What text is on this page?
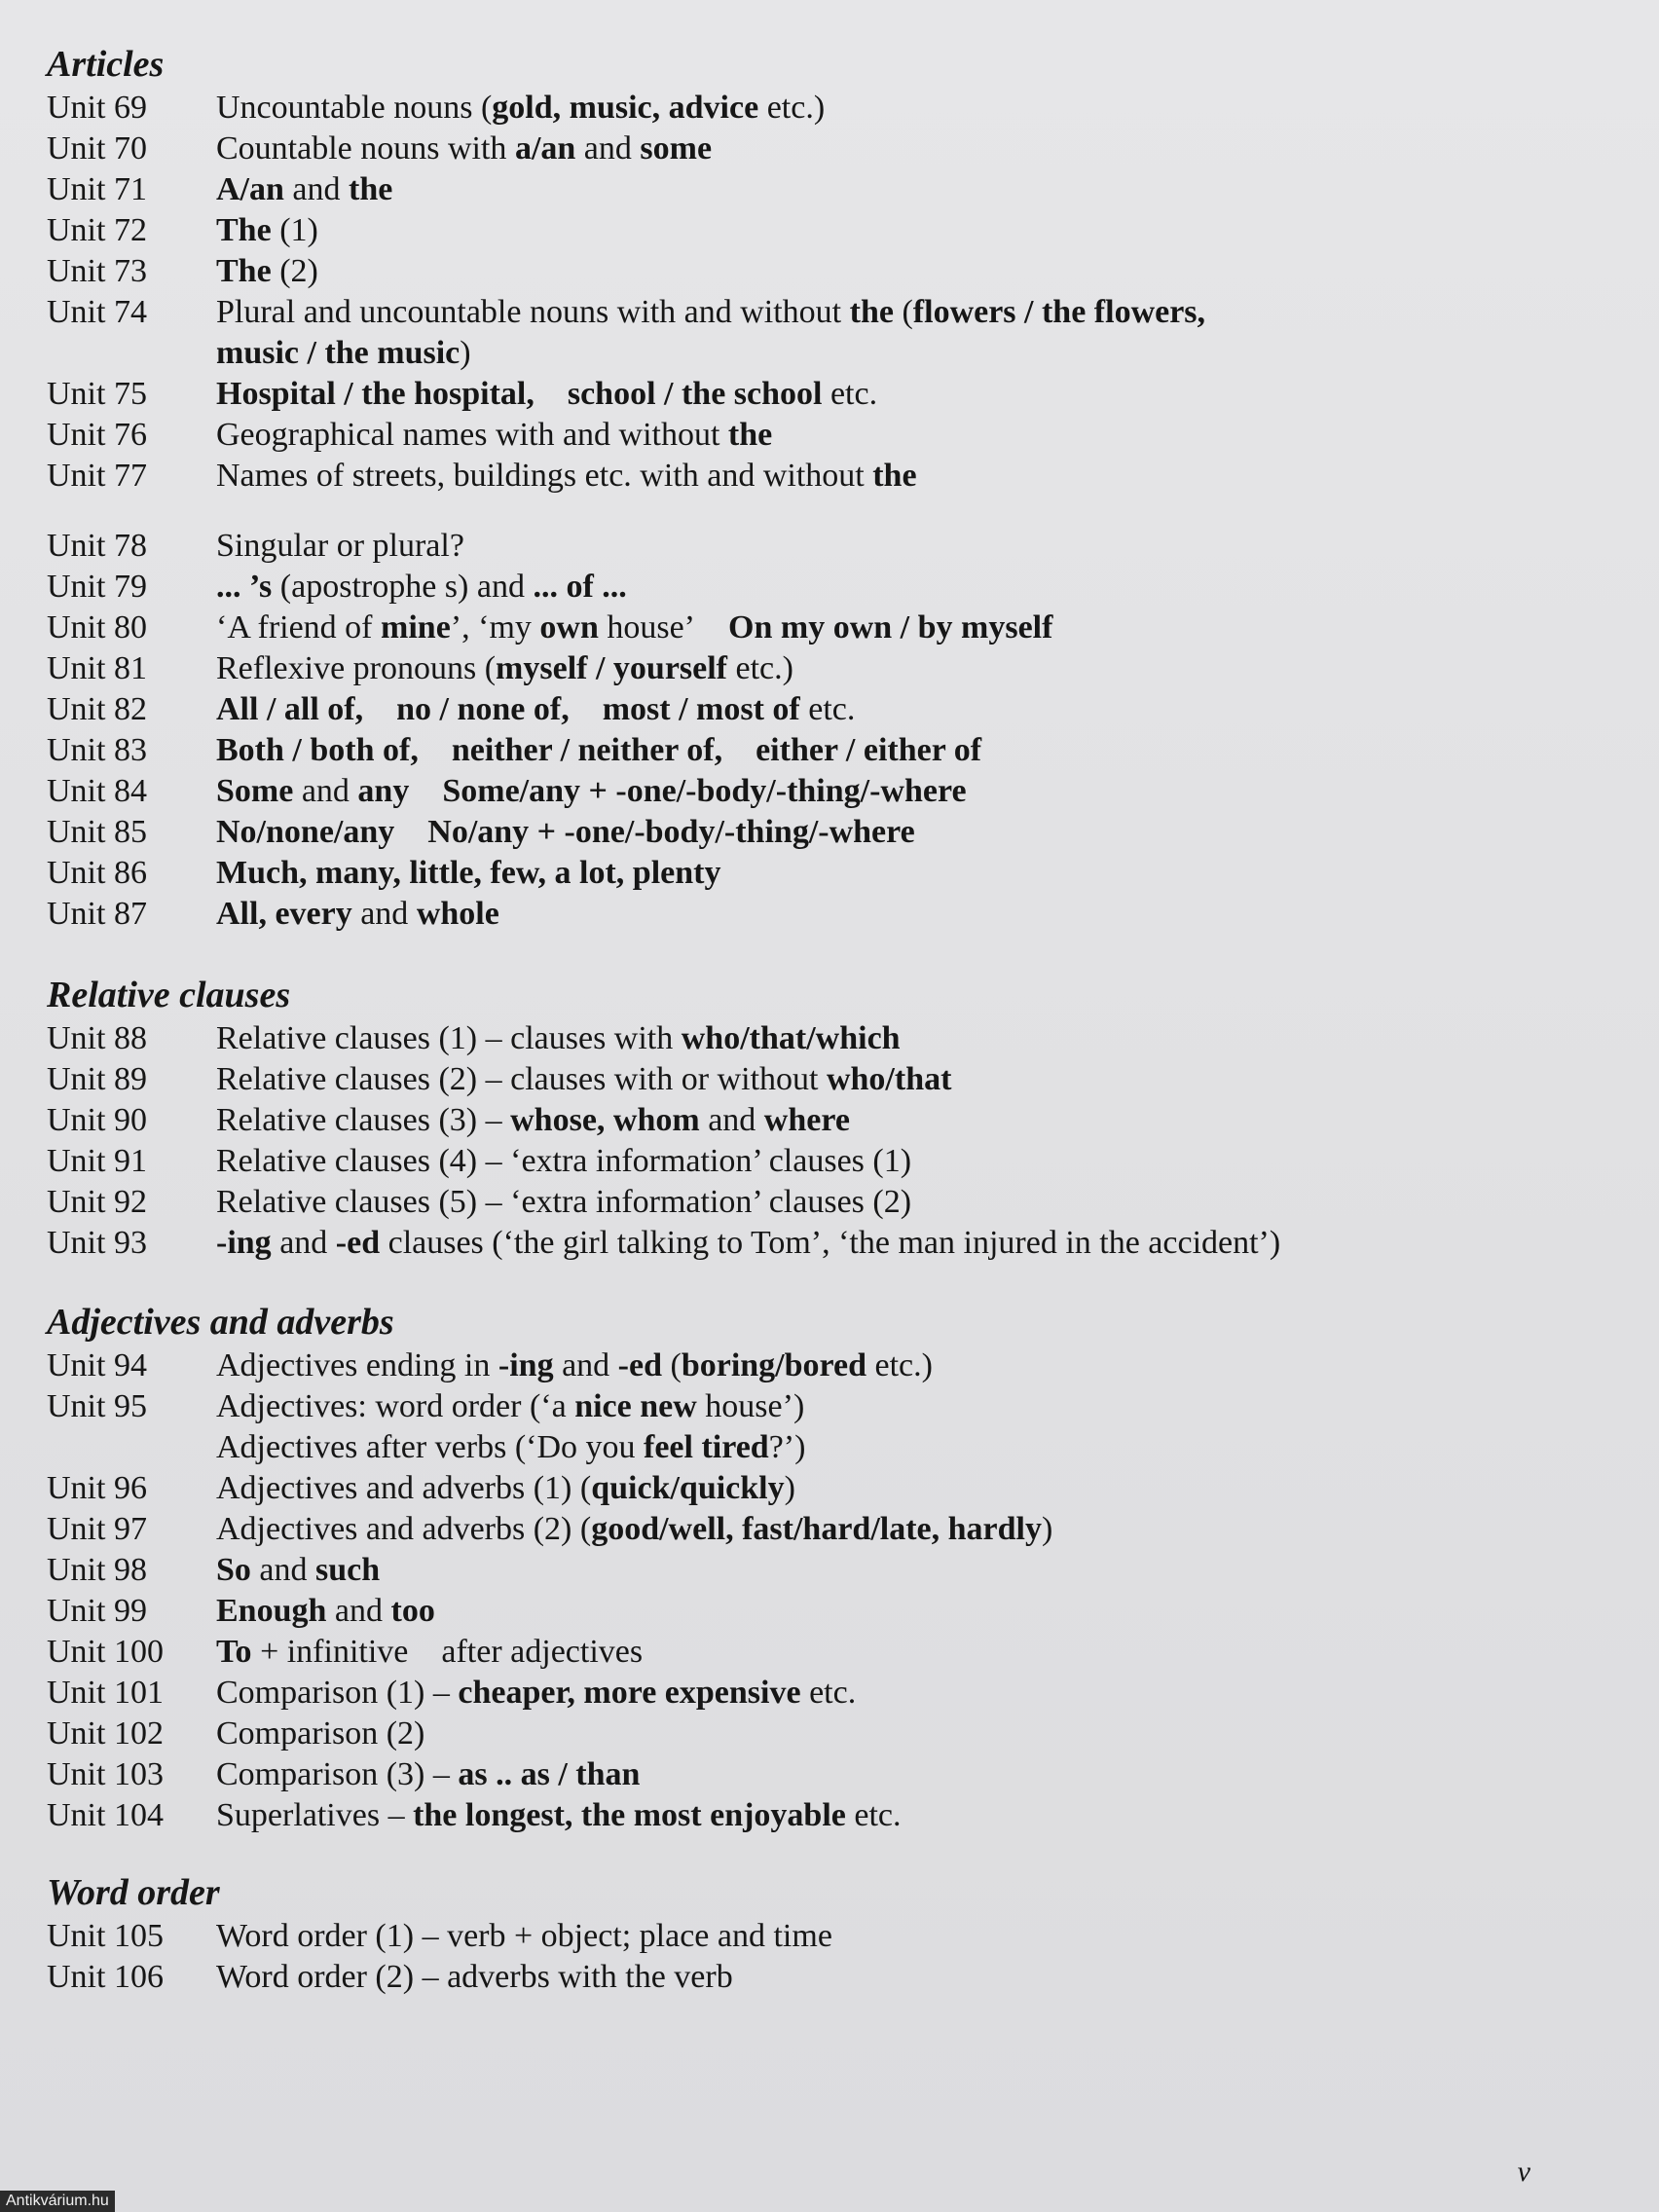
Articles
Unit 69	Uncountable nouns (gold, music, advice etc.)
Unit 70	Countable nouns with a/an and some
Unit 71	A/an and the
Unit 72	The (1)
Unit 73	The (2)
Unit 74	Plural and uncountable nouns with and without the (flowers / the flowers,
music / the music)
Unit 75	Hospital / the hospital, school / the school etc.
Unit 76	Geographical names with and without the
Unit 77	Names of streets, buildings etc. with and without the
Unit 78	Singular or plural?
Unit 79	... ’s (apostrophe s) and ... of ...
Unit 80	‘A friend of mine’, ‘my own house’    On my own / by myself
Unit 81	Reflexive pronouns (myself / yourself etc.)
Unit 82	All / all of, no / none of, most / most of etc.
Unit 83	Both / both of, neither / neither of, either / either of
Unit 84	Some and any Some/any + -one/-body/-thing/-where
Unit 85	No/none/any No/any + -one/-body/-thing/-where
Unit 86	Much, many, little, few, a lot, plenty
Unit 87	All, every and whole
Relative clauses
Unit 88	Relative clauses (1) – clauses with who/that/which
Unit 89	Relative clauses (2) – clauses with or without who/that
Unit 90	Relative clauses (3) – whose, whom and where
Unit 91	Relative clauses (4) – ‘extra information’ clauses (1)
Unit 92	Relative clauses (5) – ‘extra information’ clauses (2)
Unit 93	-ing and -ed clauses (‘the girl talking to Tom’, ‘the man injured in the accident’)
Adjectives and adverbs
Unit 94	Adjectives ending in -ing and -ed (boring/bored etc.)
Unit 95	Adjectives: word order (‘a nice new house’)
Adjectives after verbs (‘Do you feel tired?’)
Unit 96	Adjectives and adverbs (1) (quick/quickly)
Unit 97	Adjectives and adverbs (2) (good/well, fast/hard/late, hardly)
Unit 98	So and such
Unit 99	Enough and too
Unit 100	To + infinitive    after adjectives
Unit 101	Comparison (1) – cheaper, more expensive etc.
Unit 102	Comparison (2)
Unit 103	Comparison (3) – as .. as / than
Unit 104	Superlatives – the longest, the most enjoyable etc.
Word order
Unit 105	Word order (1) – verb + object; place and time
Unit 106	Word order (2) – adverbs with the verb
v
Antikvárium.hu
